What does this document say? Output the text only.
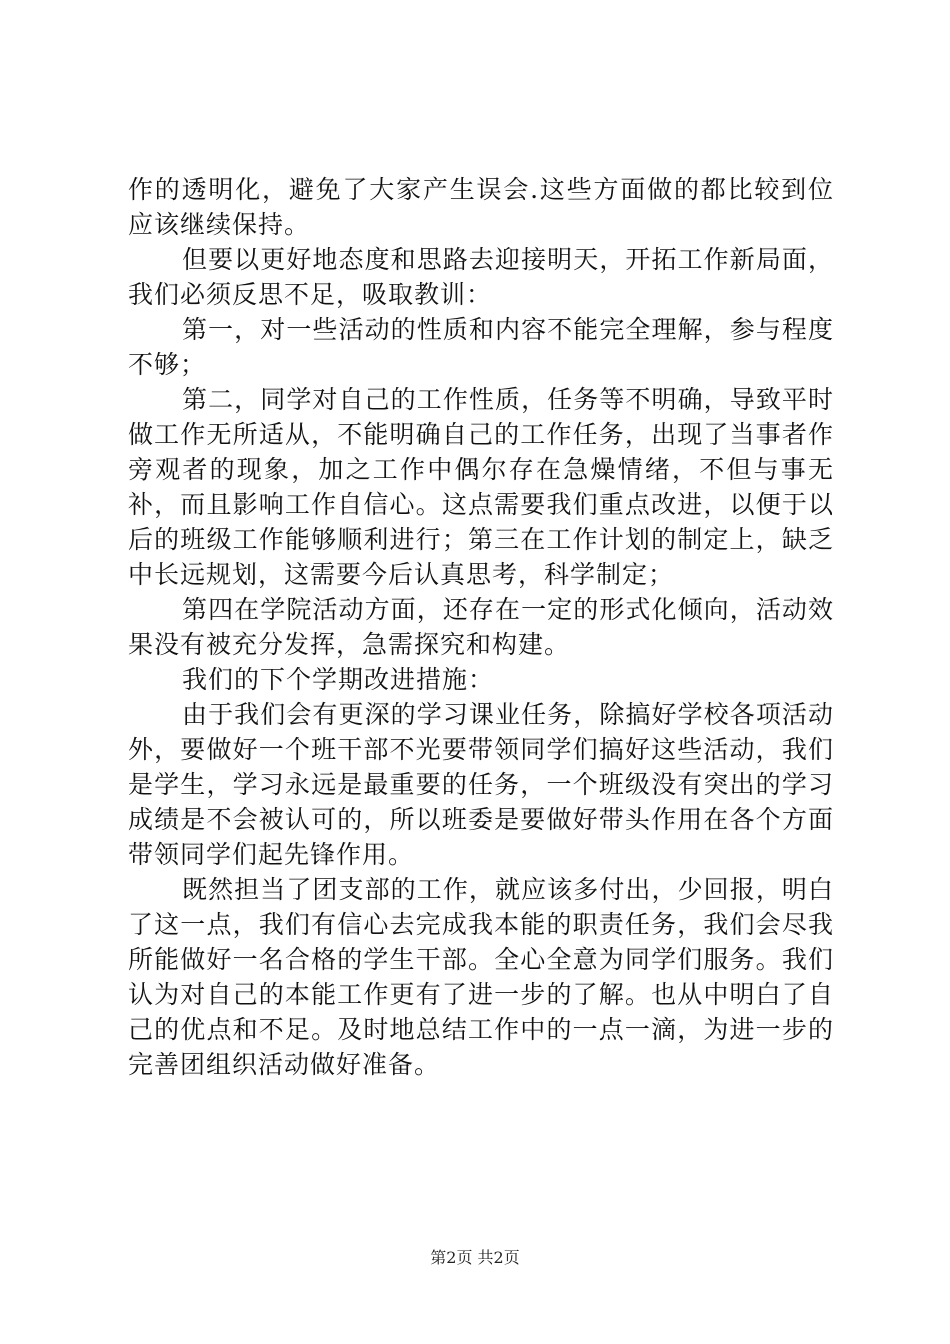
作的透明化，避免了大家产生误会.这些方面做的都比较到位应该继续保持。

但要以更好地态度和思路去迎接明天，开拓工作新局面，我们必须反思不足，吸取教训：

第一，对一些活动的性质和内容不能完全理解，参与程度不够；

第二，同学对自己的工作性质，任务等不明确，导致平时做工作无所适从，不能明确自己的工作任务，出现了当事者作旁观者的现象，加之工作中偶尔存在急燥情绪，不但与事无补，而且影响工作自信心。这点需要我们重点改进，以便于以后的班级工作能够顺利进行；第三在工作计划的制定上，缺乏中长远规划，这需要今后认真思考，科学制定；

第四在学院活动方面，还存在一定的形式化倾向，活动效果没有被充分发挥，急需探究和构建。

我们的下个学期改进措施：

由于我们会有更深的学习课业任务，除搞好学校各项活动外，要做好一个班干部不光要带领同学们搞好这些活动，我们是学生，学习永远是最重要的任务，一个班级没有突出的学习成绩是不会被认可的，所以班委是要做好带头作用在各个方面带领同学们起先锋作用。

既然担当了团支部的工作，就应该多付出，少回报，明白了这一点，我们有信心去完成我本能的职责任务，我们会尽我所能做好一名合格的学生干部。全心全意为同学们服务。我们认为对自己的本能工作更有了进一步的了解。也从中明白了自己的优点和不足。及时地总结工作中的一点一滴，为进一步的完善团组织活动做好准备。

第2页 共2页
